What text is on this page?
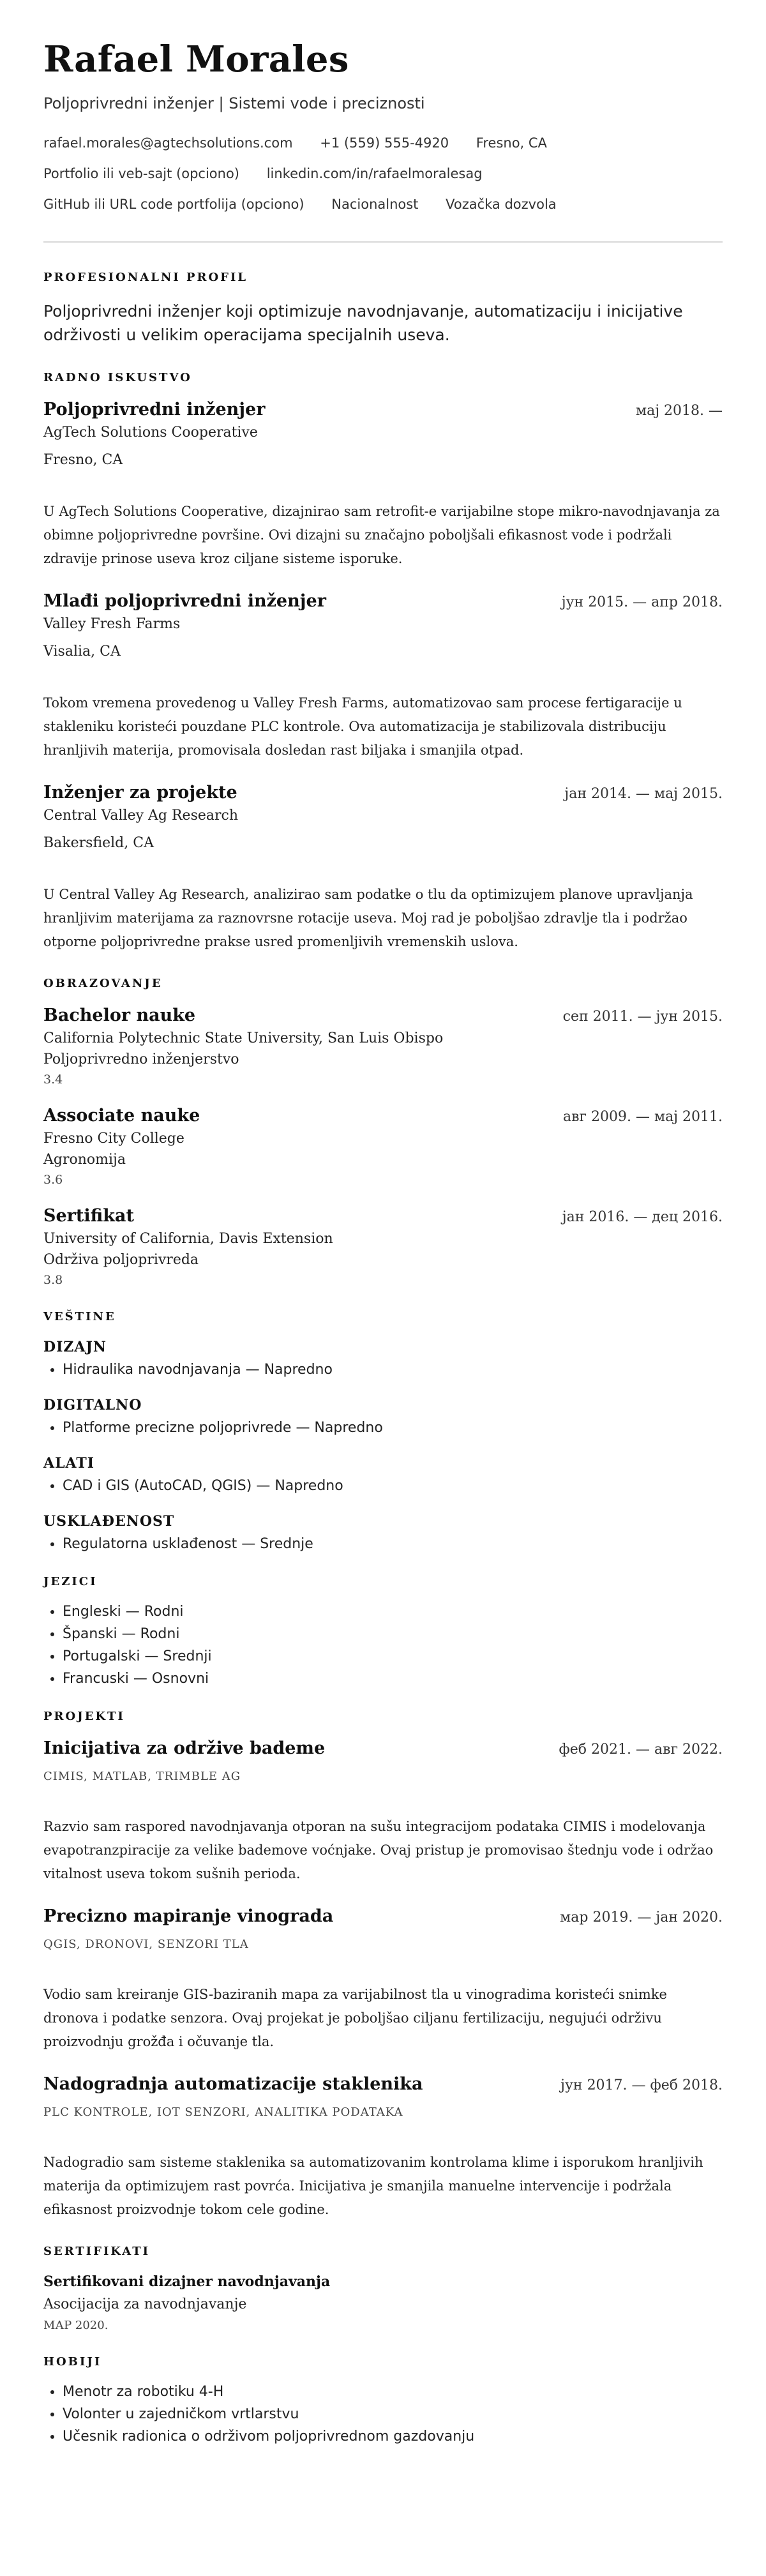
Rafael Morales
Poljoprivredni inženjer | Sistemi vode i preciznosti
rafael.morales@agtechsolutions.com +1 (559) 555-4920 Fresno, CA
Portfolio ili veb-sajt (opciono) linkedin.com/in/rafaelmoralesag
GitHub ili URL code portfolija (opciono) Nacionalnost Vozačka dozvola
PROFESIONALNI PROFIL
Poljoprivredni inženjer koji optimizuje navodnjavanje, automatizaciju i inicijative održivosti u velikim operacijama specijalnih useva.
RADNO ISKUSTVO
Poljoprivredni inženjer	мај 2018. —
AgTech Solutions Cooperative
Fresno, CA
U AgTech Solutions Cooperative, dizajnirao sam retrofit-e varijabilne stope mikro-navodnjavanja za obimne poljoprivredne površine. Ovi dizajni su značajno poboljšali efikasnost vode i podržali zdravije prinose useva kroz ciljane sisteme isporuke.
Mlađi poljoprivredni inženjer	јун 2015. — апр 2018.
Valley Fresh Farms
Visalia, CA
Tokom vremena provedenog u Valley Fresh Farms, automatizovao sam procese fertigaracije u stakleniku koristeći pouzdane PLC kontrole. Ova automatizacija je stabilizovala distribuciju hranljivih materija, promovisala dosledan rast biljaka i smanjila otpad.
Inženjer za projekte	јан 2014. — мај 2015.
Central Valley Ag Research
Bakersfield, CA
U Central Valley Ag Research, analizirao sam podatke o tlu da optimizujem planove upravljanja hranljivim materijama za raznovrsne rotacije useva. Moj rad je poboljšao zdravlje tla i podržao otporne poljoprivredne prakse usred promenljivih vremenskih uslova.
OBRAZOVANJE
Bachelor nauke	сеп 2011. — јун 2015.
California Polytechnic State University, San Luis Obispo
Poljoprivredno inženjerstvo
3.4
Associate nauke	авг 2009. — мај 2011.
Fresno City College
Agronomija
3.6
Sertifikat	јан 2016. — дец 2016.
University of California, Davis Extension
Održiva poljoprivreda
3.8
VEŠTINE
DIZAJN
• Hidraulika navodnjavanja — Napredno
DIGITALNO
• Platforme precizne poljoprivrede — Napredno
ALATI
• CAD i GIS (AutoCAD, QGIS) — Napredno
USKLAĐENOST
• Regulatorna usklađenost — Srednje
JEZICI
• Engleski — Rodni
• Španski — Rodni
• Portugalski — Srednji
• Francuski — Osnovni
PROJEKTI
Inicijativa za održive bademe	феб 2021. — авг 2022.
CIMIS, MATLAB, TRIMBLE AG
Razvio sam raspored navodnjavanja otporan na sušu integracijom podataka CIMIS i modelovanja evapotranzpiracije za velike bademove voćnjake. Ovaj pristup je promovisao štednju vode i održao vitalnost useva tokom sušnih perioda.
Precizno mapiranje vinograda	мар 2019. — јан 2020.
QGIS, DRONOVI, SENZORI TLA
Vodio sam kreiranje GIS-baziranih mapa za varijabilnost tla u vinogradima koristeći snimke dronova i podatke senzora. Ovaj projekat je poboljšao ciljanu fertilizaciju, negujući održivu proizvodnju grožđa i očuvanje tla.
Nadogradnja automatizacije staklenika	јун 2017. — феб 2018.
PLC KONTROLE, IOT SENZORI, ANALITIKA PODATAKA
Nadogradio sam sisteme staklenika sa automatizovanim kontrolama klime i isporukom hranljivih materija da optimizujem rast povrća. Inicijativa je smanjila manuelne intervencije i podržala efikasnost proizvodnje tokom cele godine.
SERTIFIKATI
Sertifikovani dizajner navodnjavanja
Asocijacija za navodnjavanje
МАР 2020.
HOBIJI
• Menotr za robotiku 4-H
• Volonter u zajedničkom vrtlarstvu
• Učesnik radionica o održivom poljoprivrednom gazdovanju
